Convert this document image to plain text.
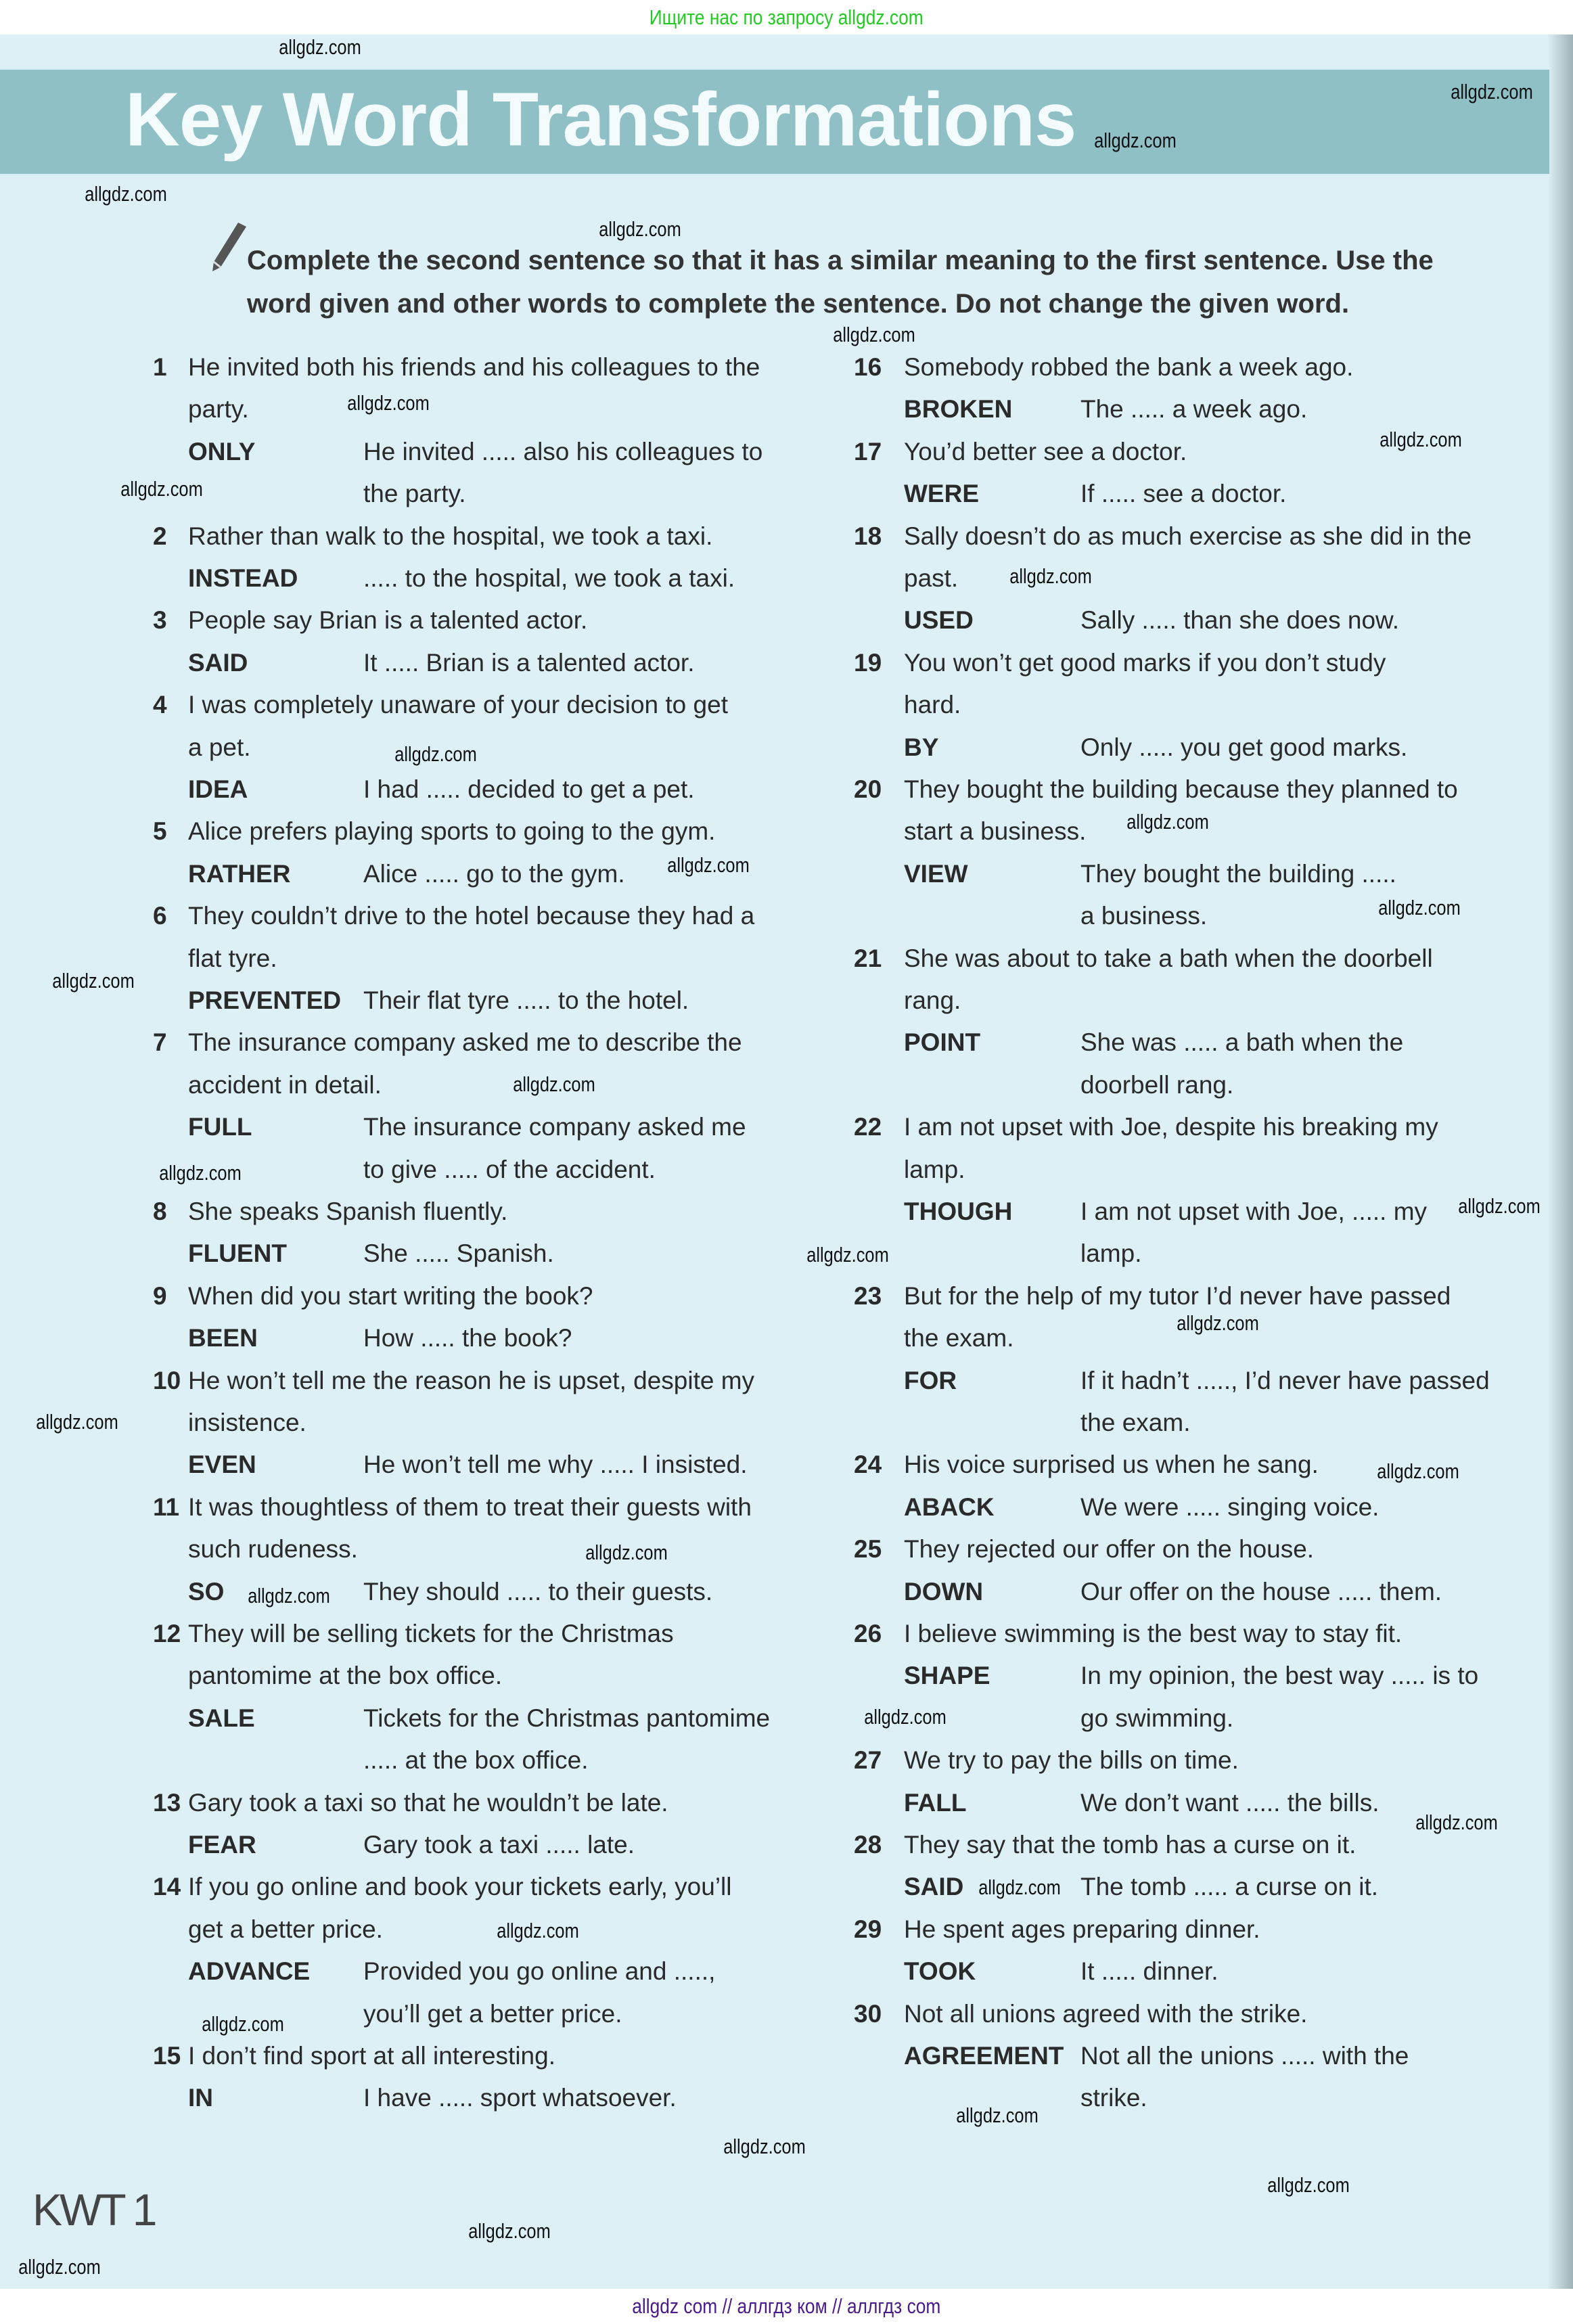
Ищите нас по запросу allgdz.com
Key Word Transformations
Complete the second sentence so that it has a similar meaning to the first sentence. Use the
word given and other words to complete the sentence. Do not change the given word.
1 He invited both his friends and his colleagues to the
party.
ONLY	He invited ..... also his colleagues to
the party.
2 Rather than walk to the hospital, we took a taxi.
INSTEAD	..... to the hospital, we took a taxi.
3 People say Brian is a talented actor.
SAID	It ..... Brian is a talented actor.
4 I was completely unaware of your decision to get
a pet.
IDEA	I had ..... decided to get a pet.
5 Alice prefers playing sports to going to the gym.
RATHER	Alice ..... go to the gym.
6 They couldn’t drive to the hotel because they had a
flat tyre.
PREVENTED Their flat tyre ..... to the hotel.
7 The insurance company asked me to describe the
accident in detail.
FULL	The insurance company asked me
to give ..... of the accident.
8 She speaks Spanish fluently.
FLUENT	She ..... Spanish.
9 When did you start writing the book?
BEEN	How ..... the book?
10 He won’t tell me the reason he is upset, despite my
insistence.
EVEN	He won’t tell me why ..... I insisted.
11 It was thoughtless of them to treat their guests with
such rudeness.
SO	They should ..... to their guests.
12 They will be selling tickets for the Christmas
pantomime at the box office.
SALE	Tickets for the Christmas pantomime
..... at the box office.
13 Gary took a taxi so that he wouldn’t be late.
FEAR	Gary took a taxi ..... late.
14 If you go online and book your tickets early, you’ll
get a better price.
ADVANCE Provided you go online and .....,
you’ll get a better price.
15 I don’t find sport at all interesting.
IN	I have ..... sport whatsoever.
16 Somebody robbed the bank a week ago.
BROKEN	The ..... a week ago.
17 You’d better see a doctor.
WERE	If ..... see a doctor.
18 Sally doesn’t do as much exercise as she did in the
past.
USED	Sally ..... than she does now.
19 You won’t get good marks if you don’t study
hard.
BY	Only ..... you get good marks.
20 They bought the building because they planned to
start a business.
VIEW	They bought the building .....
a business.
21 She was about to take a bath when the doorbell
rang.
POINT	She was ..... a bath when the
doorbell rang.
22 I am not upset with Joe, despite his breaking my
lamp.
THOUGH	I am not upset with Joe, ..... my
lamp.
23 But for the help of my tutor I’d never have passed
the exam.
FOR	If it hadn’t ....., I’d never have passed
the exam.
24 His voice surprised us when he sang.
ABACK	We were ..... singing voice.
25 They rejected our offer on the house.
DOWN	Our offer on the house ..... them.
26 I believe swimming is the best way to stay fit.
SHAPE	In my opinion, the best way ..... is to
go swimming.
27 We try to pay the bills on time.
FALL	We don’t want ..... the bills.
28 They say that the tomb has a curse on it.
SAID	The tomb ..... a curse on it.
29 He spent ages preparing dinner.
TOOK	It ..... dinner.
30 Not all unions agreed with the strike.
AGREEMENT Not all the unions ..... with the
strike.
KWT 1
allgdz com // аллгдз ком // аллгдз com
allgdz.com
allgdz.com
allgdz.com
allgdz.com
allgdz.com
allgdz.com
allgdz.com
allgdz.com
allgdz.com
allgdz.com
allgdz.com
allgdz.com
allgdz.com
allgdz.com
allgdz.com
allgdz.com
allgdz.com
allgdz.com
allgdz.com
allgdz.com
allgdz.com
allgdz.com
allgdz.com
allgdz.com
allgdz.com
allgdz.com
allgdz.com
allgdz.com
allgdz.com
allgdz.com
allgdz.com
allgdz.com
allgdz.com
allgdz.com
